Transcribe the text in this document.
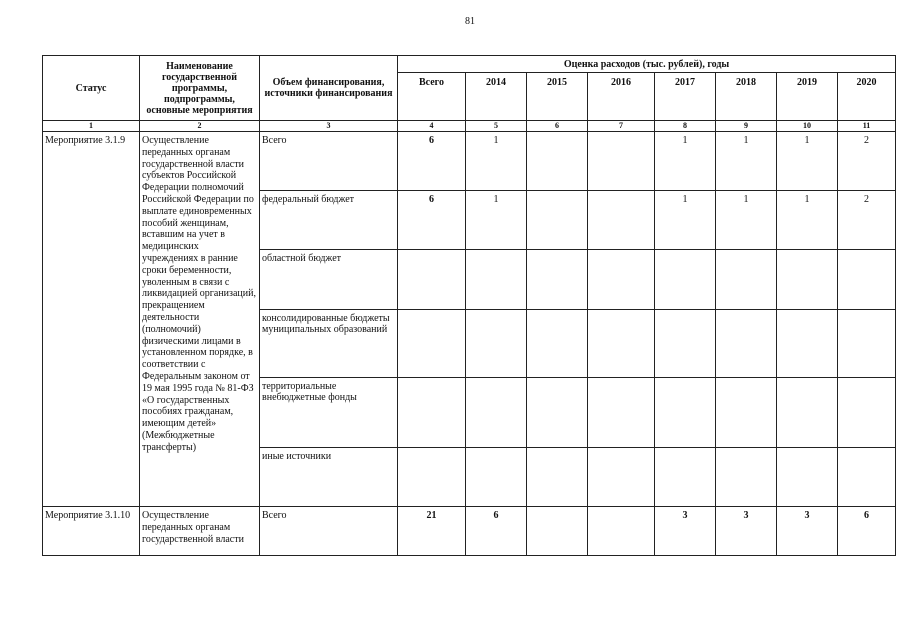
81
Статус	Наименование государственной программы, подпрограммы, основные мероприятия	Объем финансирования, источники финансирования	Оценка расходов (тыс. рублей), годы							
			Всего	2014	2015	2016	2017	2018	2019	2020
1	2	3	4	5	6	7	8	9	10	11
Мероприятие 3.1.9	Осуществление переданных органам государственной власти субъектов Российской Федерации полномочий Российской Федерации по выплате единовременных пособий женщинам, вставшим на учет в медицинских учреждениях в ранние сроки беременности, уволенным в связи с ликвидацией организаций, прекращением деятельности (полномочий) физическими лицами в установленном порядке, в соответствии с Федеральным законом от 19 мая 1995 года № 81-ФЗ «О государственных пособиях гражданам, имеющим детей» (Межбюджетные трансферты)	Всего	6	1			1	1	1	2
		федеральный бюджет	6	1			1	1	1	2
		областной бюджет								
		консолидированные бюджеты муниципальных образований								
		территориальные внебюджетные фонды								
		иные источники								
Мероприятие 3.1.10	Осуществление переданных органам государственной власти	Всего	21	6			3	3	3	6
